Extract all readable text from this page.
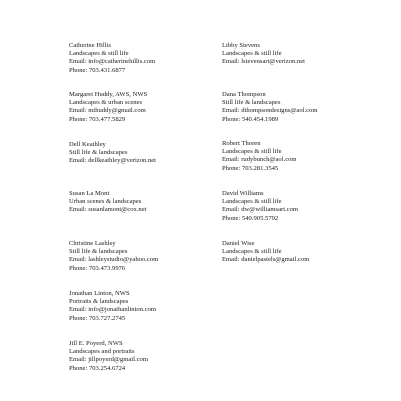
Catherine Hillis
Landscapes & still life
Email: info@catherinehillis.com
Phone: 703.431.6877
Margaret Huddy, AWS, NWS
Landscapes & urban scenes
Email: mthuddy@gmail.com
Phone: 703.477.5829
Dell Keathley
Still life & landscapes
Email: dellkeathley@verizon.net
Susan La Mont
Urban scenes & landscapes
Email: susanlamont@cox.net
Christine Lashley
Still life & landscapes
Email: lashleystudio@yahoo.com
Phone: 703.473.9976
Jonathan Linton, NWS
Portraits & landscapes
Email: info@jonathanlinton.com
Phone: 703.727.2745
Jill E. Poyerd, NWS
Landscapes and portraits
Email: jillpoyerd@gmail.com
Phone: 703.254.6724
Libby Stevens
Landscapes & still life
Email: lstevensart@verizon.net
Dana Thompson
Still life & landscapes
Email: dthompsondesigns@aol.com
Phone: 540.454.1989
Robert Thoren
Landscapes & still life
Email: rudybunch@aol.com
Phone: 703.281.3545
David Williams
Landscapes & still life
Email: dw@williamsart.com
Phone: 540.905.5792
Daniel Wise
Landscapes & still life
Email: danielpastels@gmail.com
